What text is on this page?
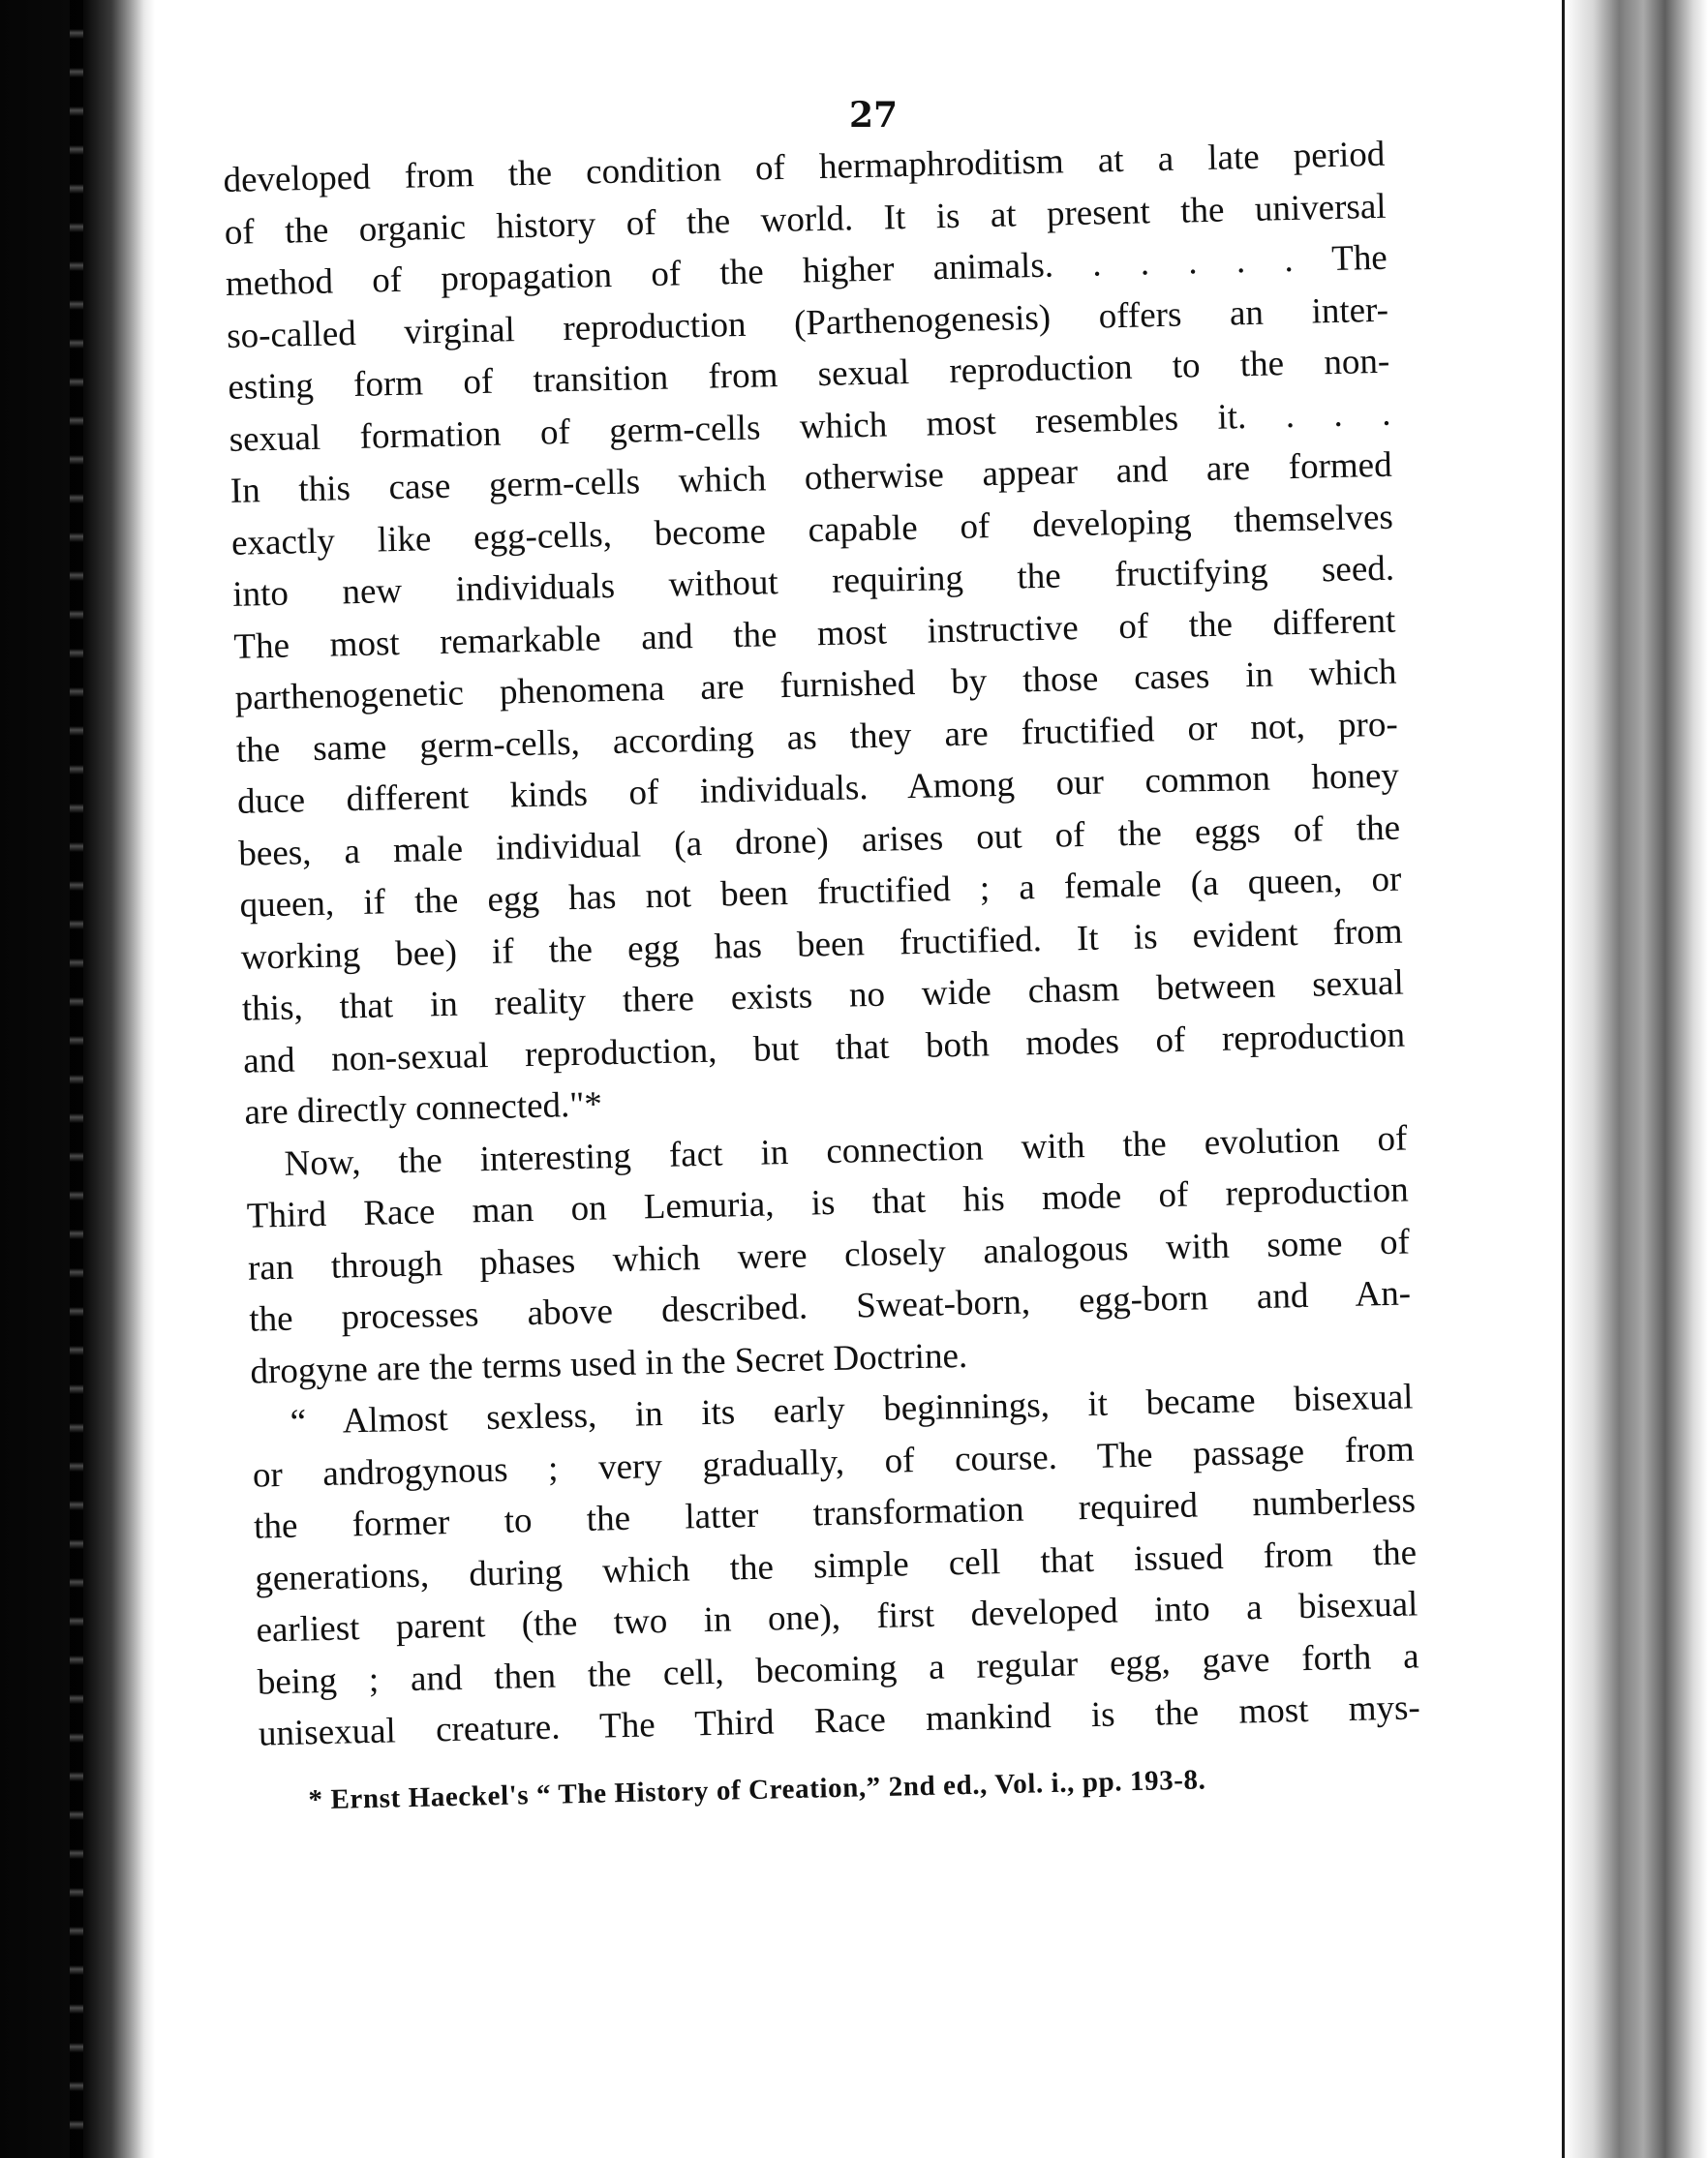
27
developed from the condition of hermaphroditism at a late period
of the organic history of the world. It is at present the universal
method of propagation of the higher animals. . . . . . The
so-called virginal reproduction (Parthenogenesis) offers an inter-
esting form of transition from sexual reproduction to the non-
sexual formation of germ-cells which most resembles it. . . .
In this case germ-cells which otherwise appear and are formed
exactly like egg-cells, become capable of developing themselves
into new individuals without requiring the fructifying seed.
The most remarkable and the most instructive of the different
parthenogenetic phenomena are furnished by those cases in which
the same germ-cells, according as they are fructified or not, pro-
duce different kinds of individuals. Among our common honey
bees, a male individual (a drone) arises out of the eggs of the
queen, if the egg has not been fructified ; a female (a queen, or
working bee) if the egg has been fructified. It is evident from
this, that in reality there exists no wide chasm between sexual
and non-sexual reproduction, but that both modes of reproduction
are directly connected."*
Now, the interesting fact in connection with the evolution of
Third Race man on Lemuria, is that his mode of reproduction
ran through phases which were closely analogous with some of
the processes above described. Sweat-born, egg-born and An-
drogyne are the terms used in the Secret Doctrine.
“ Almost sexless, in its early beginnings, it became bisexual
or androgynous ; very gradually, of course. The passage from
the former to the latter transformation required numberless
generations, during which the simple cell that issued from the
earliest parent (the two in one), first developed into a bisexual
being ; and then the cell, becoming a regular egg, gave forth a
unisexual creature. The Third Race mankind is the most mys-
* Ernst Haeckel's “ The History of Creation,” 2nd ed., Vol. i., pp. 193-8.
